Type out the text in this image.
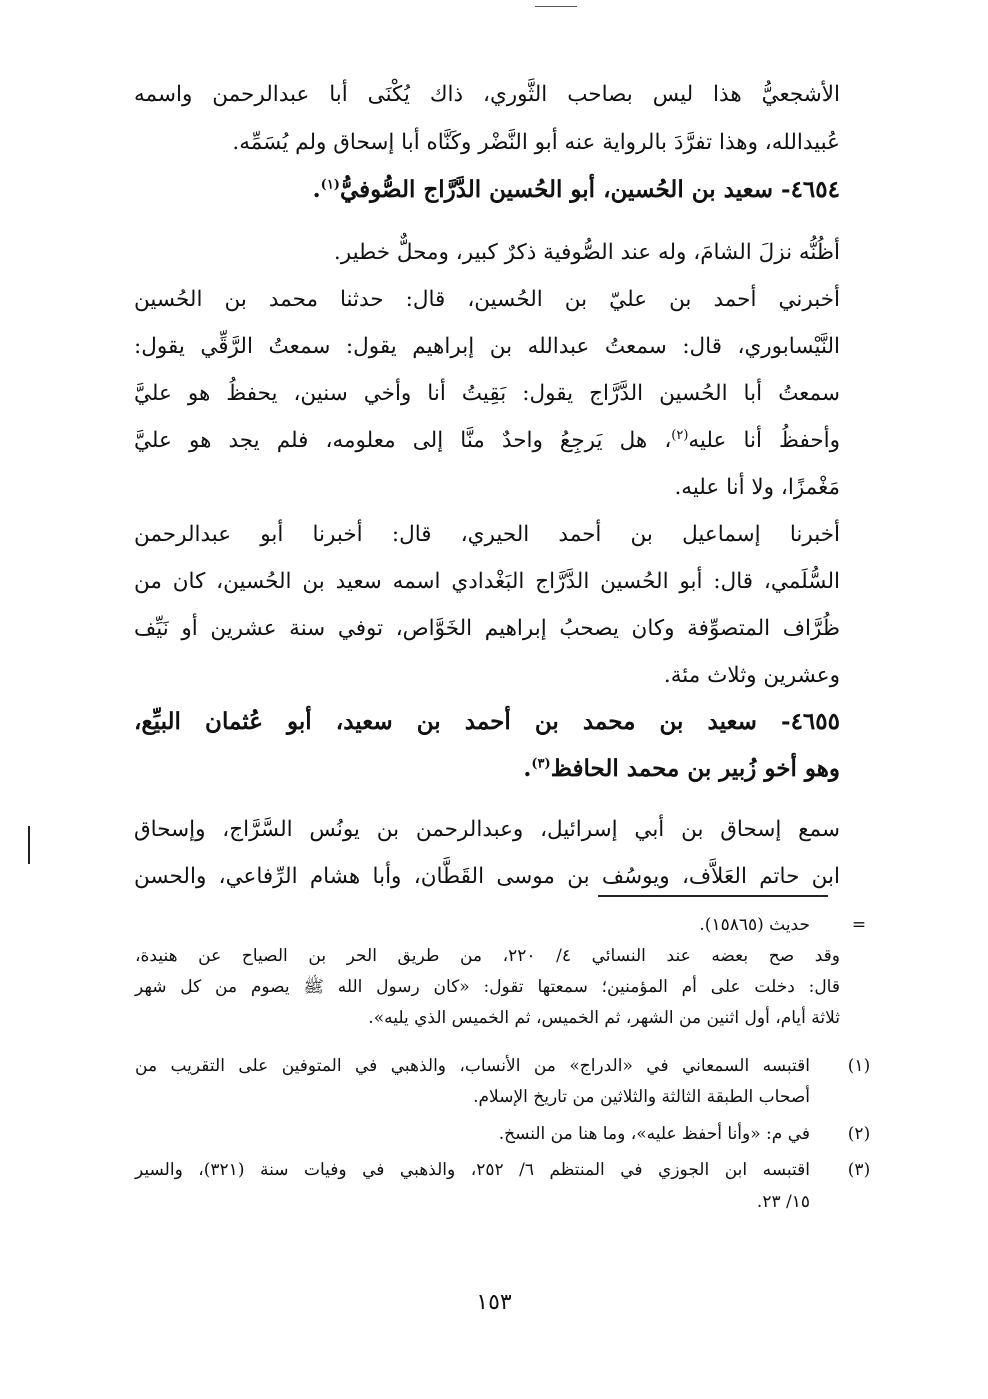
الأشجعيُّ هذا ليس بصاحب الثَّوري، ذاك يُكْنَى أبا عبدالرحمن واسمه
عُبيدالله، وهذا تفرَّدَ بالرواية عنه أبو النَّضْر وكَنَّاه أبا إسحاق ولم يُسَمِّه.
٤٦٥٤- سعيد بن الحُسين، أبو الحُسين الدَّرَّاج الصُّوفيُّ$^{(١)}$.
أظُنُّه نزلَ الشامَ، وله عند الصُّوفية ذكرٌ كبير، ومحلٌّ خطير.
أخبرني أحمد بن عليّ بن الحُسين، قال: حدثنا محمد بن الحُسين
النَّيْسابوري، قال: سمعتُ عبدالله بن إبراهيم يقول: سمعتُ الرَّقِّي يقول:
سمعتُ أبا الحُسين الدَّرَّاج يقول: بَقِيتُ أنا وأخي سنين، يحفظُ هو عليَّ
وأحفظُ أنا عليه$^{(٢)}$، هل يَرجِعُ واحدٌ منَّا إلى معلومه، فلم يجد هو عليَّ
مَغْمزًا، ولا أنا عليه.
أخبرنا إسماعيل بن أحمد الحيري، قال: أخبرنا أبو عبدالرحمن
السُّلَمي، قال: أبو الحُسين الدَّرَّاج البَغْدادي اسمه سعيد بن الحُسين، كان من
ظُرَّاف المتصوِّفة وكان يصحبُ إبراهيم الخَوَّاص، توفي سنة عشرين أو نَيِّف
وعشرين وثلاث مئة.
٤٦٥٥- سعيد بن محمد بن أحمد بن سعيد، أبو عُثمان البيِّع،
وهو أخو زُبير بن محمد الحافظ$^{(٣)}$.
سمع إسحاق بن أبي إسرائيل، وعبدالرحمن بن يونُس السَّرَّاج، وإسحاق
ابن حاتم العَلاَّف، ويوسُف بن موسى القَطَّان، وأبا هشام الرِّفاعي، والحسن
=
حديث (١٥٨٦٥).
وقد صح بعضه عند النسائي ٤/ ٢٢٠، من طريق الحر بن الصياح عن هنيدة،
قال: دخلت على أم المؤمنين؛ سمعتها تقول: «كان رسول الله ﷺ يصوم من كل شهر
ثلاثة أيام، أول اثنين من الشهر، ثم الخميس، ثم الخميس الذي يليه».
(١)
اقتبسه السمعاني في «الدراج» من الأنساب، والذهبي في المتوفين على التقريب من
أصحاب الطبقة الثالثة والثلاثين من تاريخ الإسلام.
(٢)
في م: «وأنا أحفظ عليه»، وما هنا من النسخ.
(٣)
اقتبسه ابن الجوزي في المنتظم ٦/ ٢٥٢، والذهبي في وفيات سنة (٣٢١)، والسير
١٥/ ٢٣.
١٥٣
